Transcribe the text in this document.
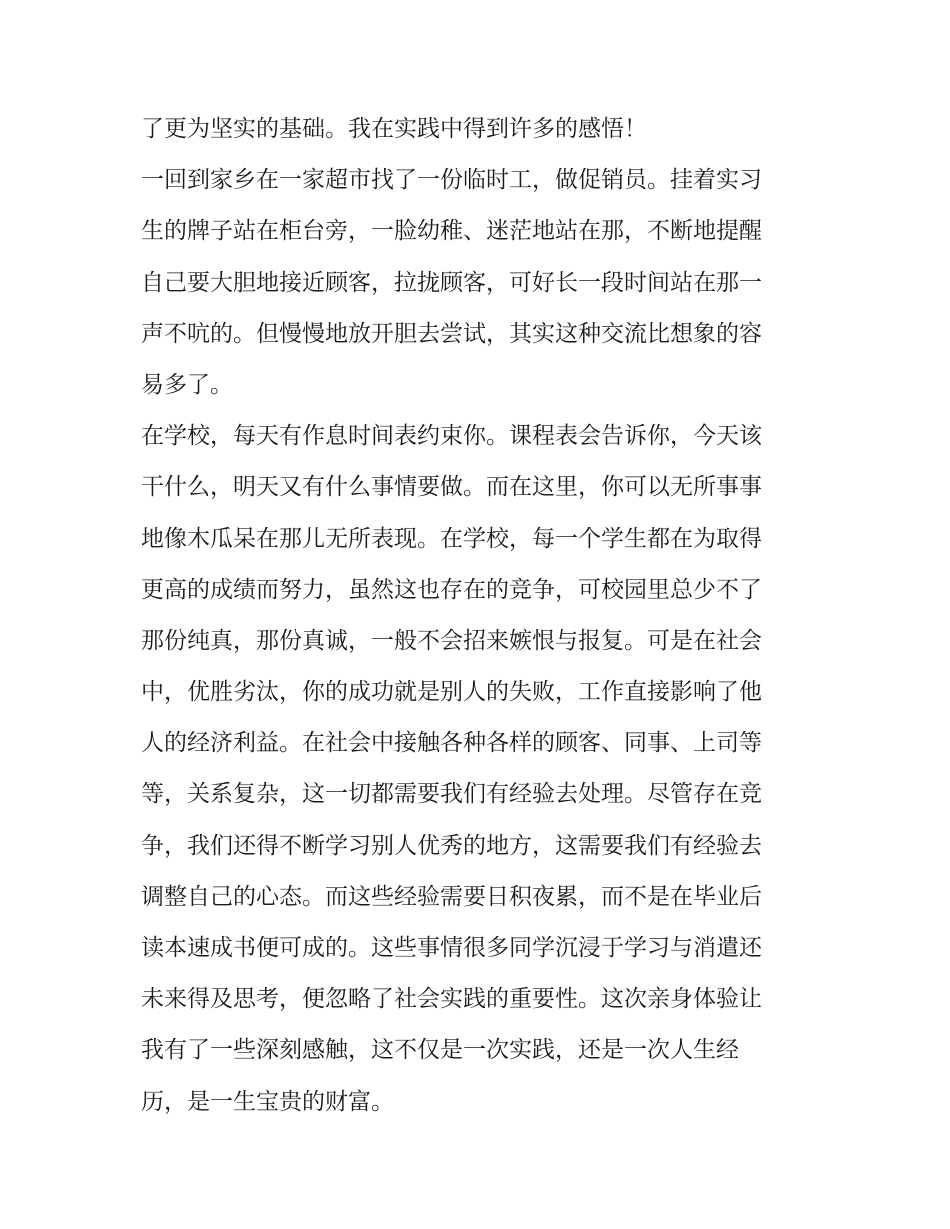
了更为坚实的基础。我在实践中得到许多的感悟！
一回到家乡在一家超市找了一份临时工，做促销员。挂着实习
生的牌子站在柜台旁，一脸幼稚、迷茫地站在那，不断地提醒
自己要大胆地接近顾客，拉拢顾客，可好长一段时间站在那一
声不吭的。但慢慢地放开胆去尝试，其实这种交流比想象的容
易多了。
在学校，每天有作息时间表约束你。课程表会告诉你，今天该
干什么，明天又有什么事情要做。而在这里，你可以无所事事
地像木瓜呆在那儿无所表现。在学校，每一个学生都在为取得
更高的成绩而努力，虽然这也存在的竞争，可校园里总少不了
那份纯真，那份真诚，一般不会招来嫉恨与报复。可是在社会
中，优胜劣汰，你的成功就是别人的失败，工作直接影响了他
人的经济利益。在社会中接触各种各样的顾客、同事、上司等
等，关系复杂，这一切都需要我们有经验去处理。尽管存在竞
争，我们还得不断学习别人优秀的地方，这需要我们有经验去
调整自己的心态。而这些经验需要日积夜累，而不是在毕业后
读本速成书便可成的。这些事情很多同学沉浸于学习与消遣还
未来得及思考，便忽略了社会实践的重要性。这次亲身体验让
我有了一些深刻感触，这不仅是一次实践，还是一次人生经
历，是一生宝贵的财富。
